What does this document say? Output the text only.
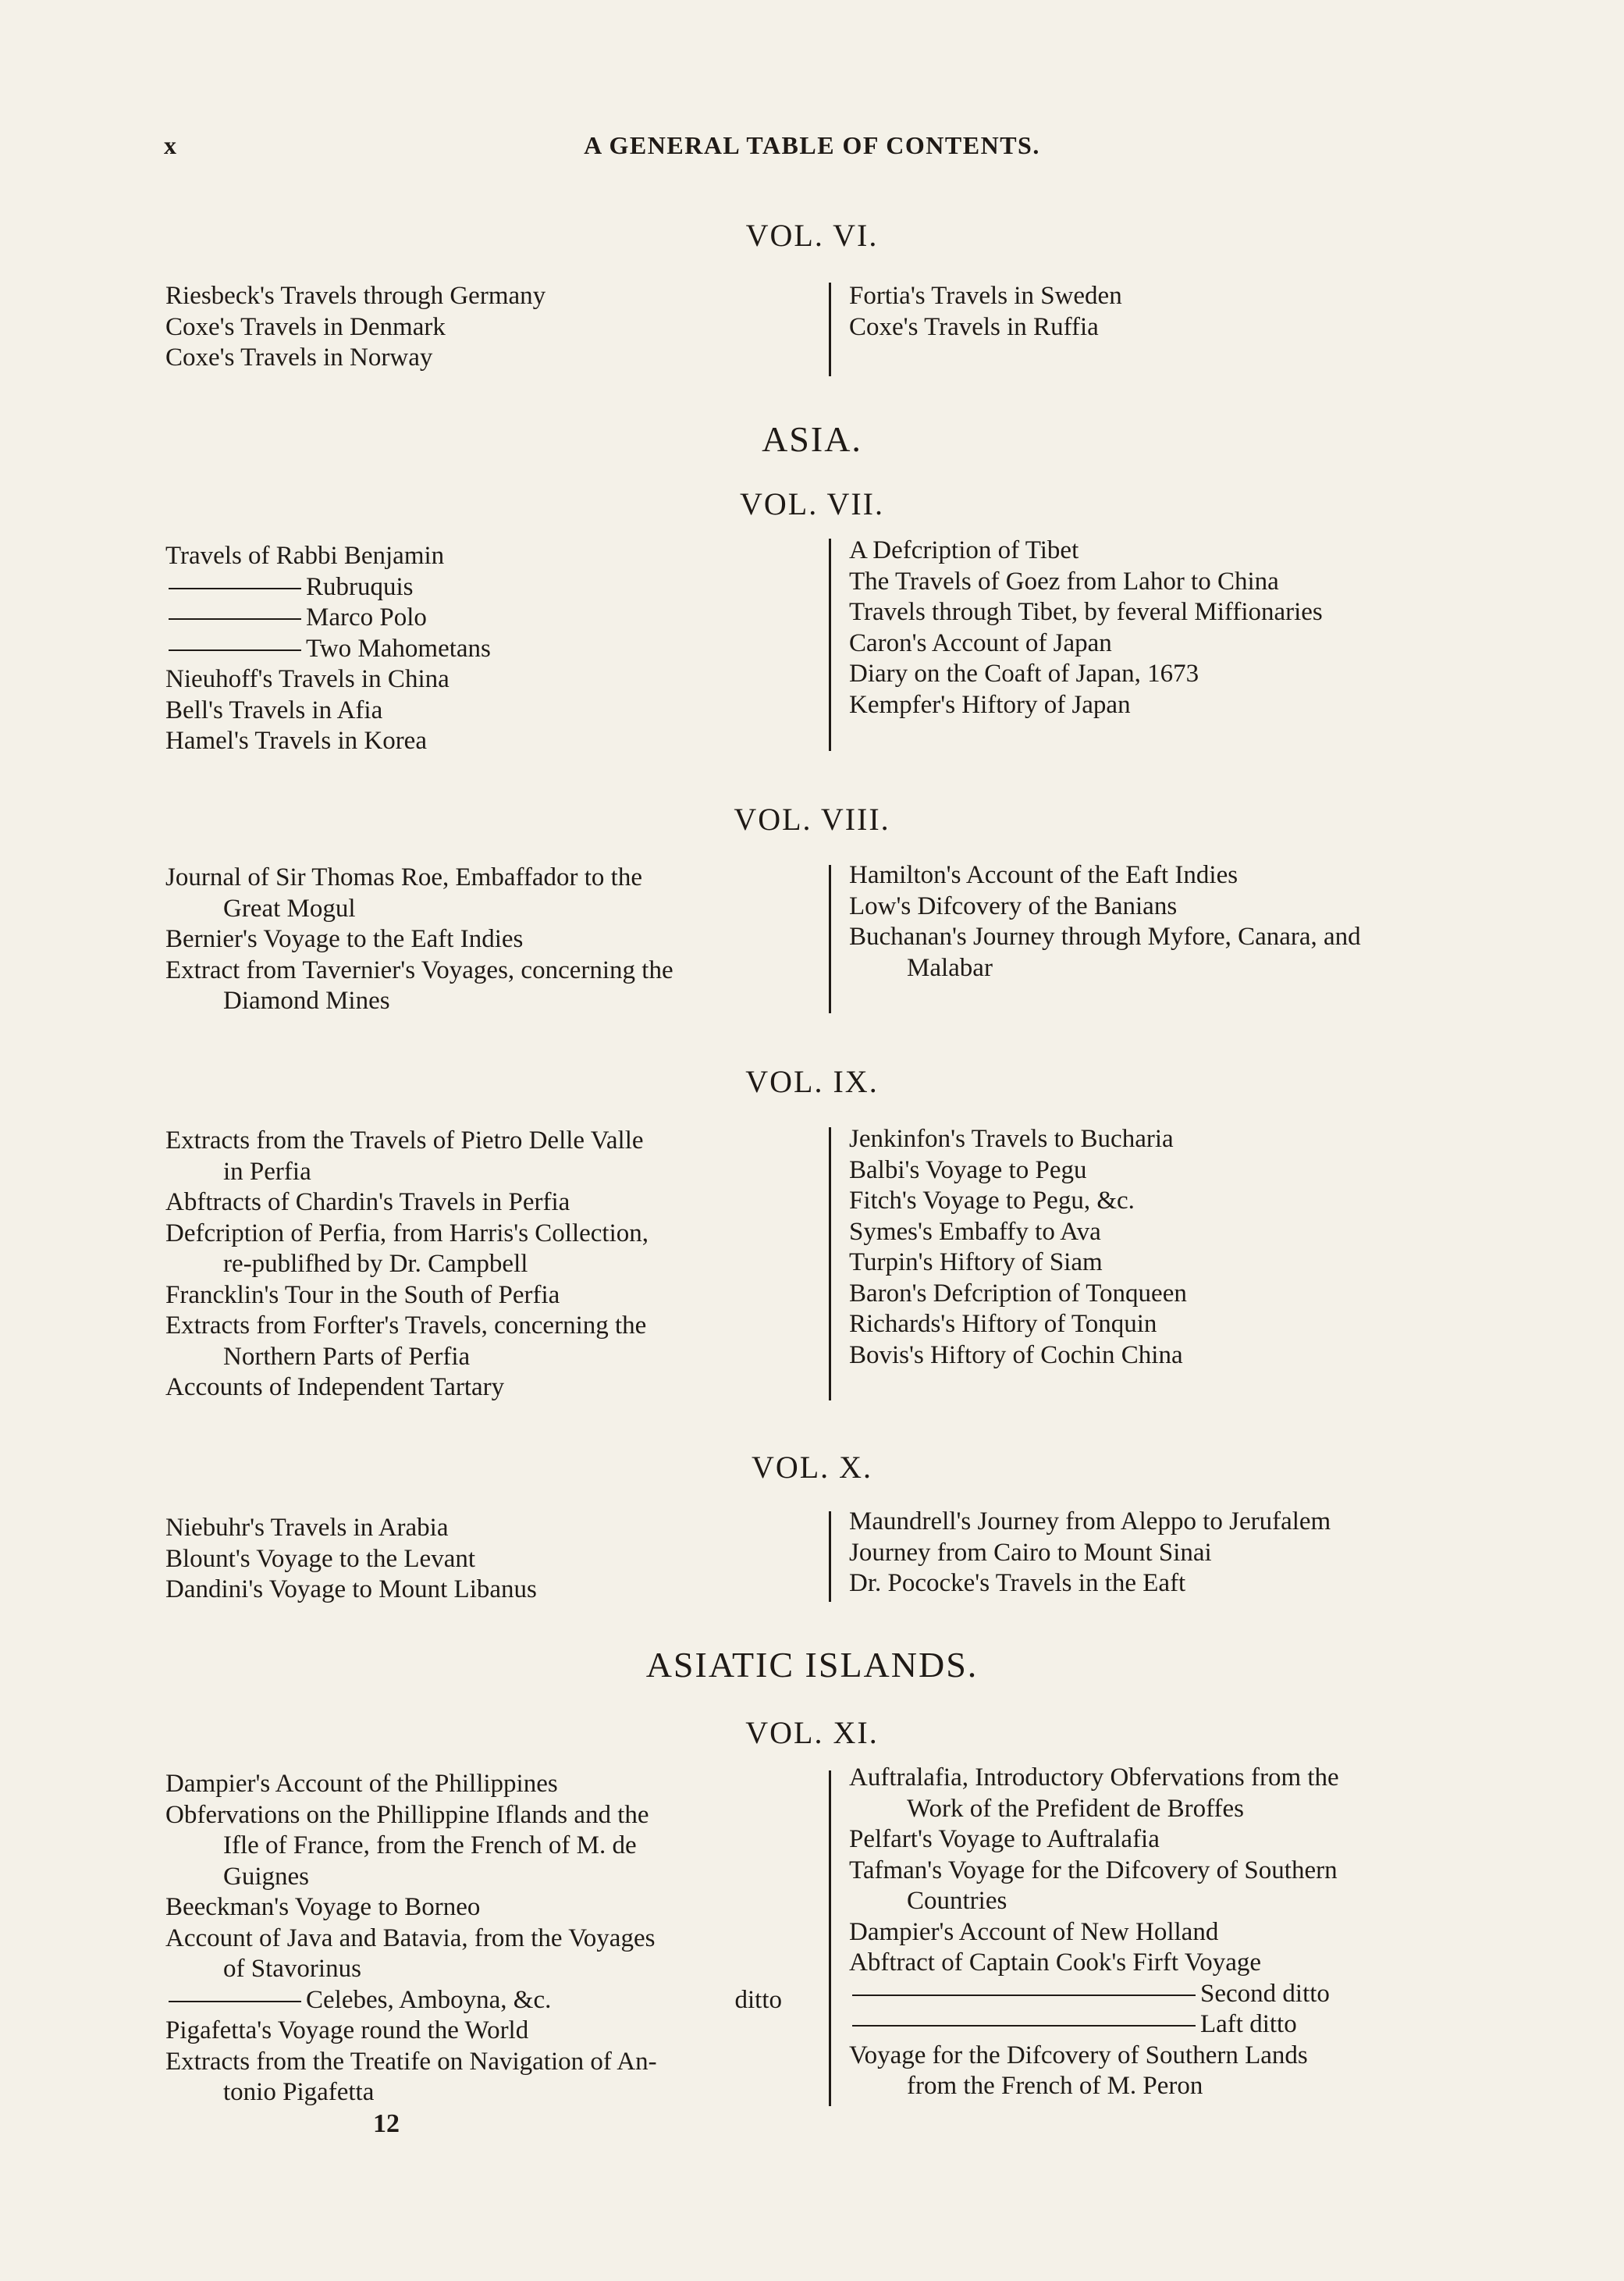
A GENERAL TABLE OF CONTENTS.
x
VOL. VI.
Riesbeck's Travels through Germany
Coxe's Travels in Denmark
Coxe's Travels in Norway
Fortia's Travels in Sweden
Coxe's Travels in Ruffia
ASIA.
VOL. VII.
Travels of Rabbi Benjamin
Rubruquis
Marco Polo
Two Mahometans
Nieuhoff's Travels in China
Bell's Travels in Afia
Hamel's Travels in Korea
A Defcription of Tibet
The Travels of Goez from Lahor to China
Travels through Tibet, by feveral Miffionaries
Caron's Account of Japan
Diary on the Coaft of Japan, 1673
Kempfer's Hiftory of Japan
VOL. VIII.
Journal of Sir Thomas Roe, Embaffador to the
Great Mogul
Bernier's Voyage to the Eaft Indies
Extract from Tavernier's Voyages, concerning the
Diamond Mines
Hamilton's Account of the Eaft Indies
Low's Difcovery of the Banians
Buchanan's Journey through Myfore, Canara, and
Malabar
VOL. IX.
Extracts from the Travels of Pietro Delle Valle
in Perfia
Abftracts of Chardin's Travels in Perfia
Defcription of Perfia, from Harris's Collection,
re-publifhed by Dr. Campbell
Francklin's Tour in the South of Perfia
Extracts from Forfter's Travels, concerning the
Northern Parts of Perfia
Accounts of Independent Tartary
Jenkinfon's Travels to Bucharia
Balbi's Voyage to Pegu
Fitch's Voyage to Pegu, &c.
Symes's Embaffy to Ava
Turpin's Hiftory of Siam
Baron's Defcription of Tonqueen
Richards's Hiftory of Tonquin
Bovis's Hiftory of Cochin China
VOL. X.
Niebuhr's Travels in Arabia
Blount's Voyage to the Levant
Dandini's Voyage to Mount Libanus
Maundrell's Journey from Aleppo to Jerufalem
Journey from Cairo to Mount Sinai
Dr. Pococke's Travels in the Eaft
ASIATIC ISLANDS.
VOL. XI.
Dampier's Account of the Phillippines
Obfervations on the Phillippine Iflands and the
Ifle of France, from the French of M. de
Guignes
Beeckman's Voyage to Borneo
Account of Java and Batavia, from the Voyages
of Stavorinus
Celebes, Amboyna, &c.	ditto
Pigafetta's Voyage round the World
Extracts from the Treatife on Navigation of An-
tonio Pigafetta
Auftralafia, Introductory Obfervations from the
Work of the Prefident de Broffes
Pelfart's Voyage to Auftralafia
Tafman's Voyage for the Difcovery of Southern
Countries
Dampier's Account of New Holland
Abftract of Captain Cook's Firft Voyage
Second ditto
Laft ditto
Voyage for the Difcovery of Southern Lands
from the French of M. Peron
12
